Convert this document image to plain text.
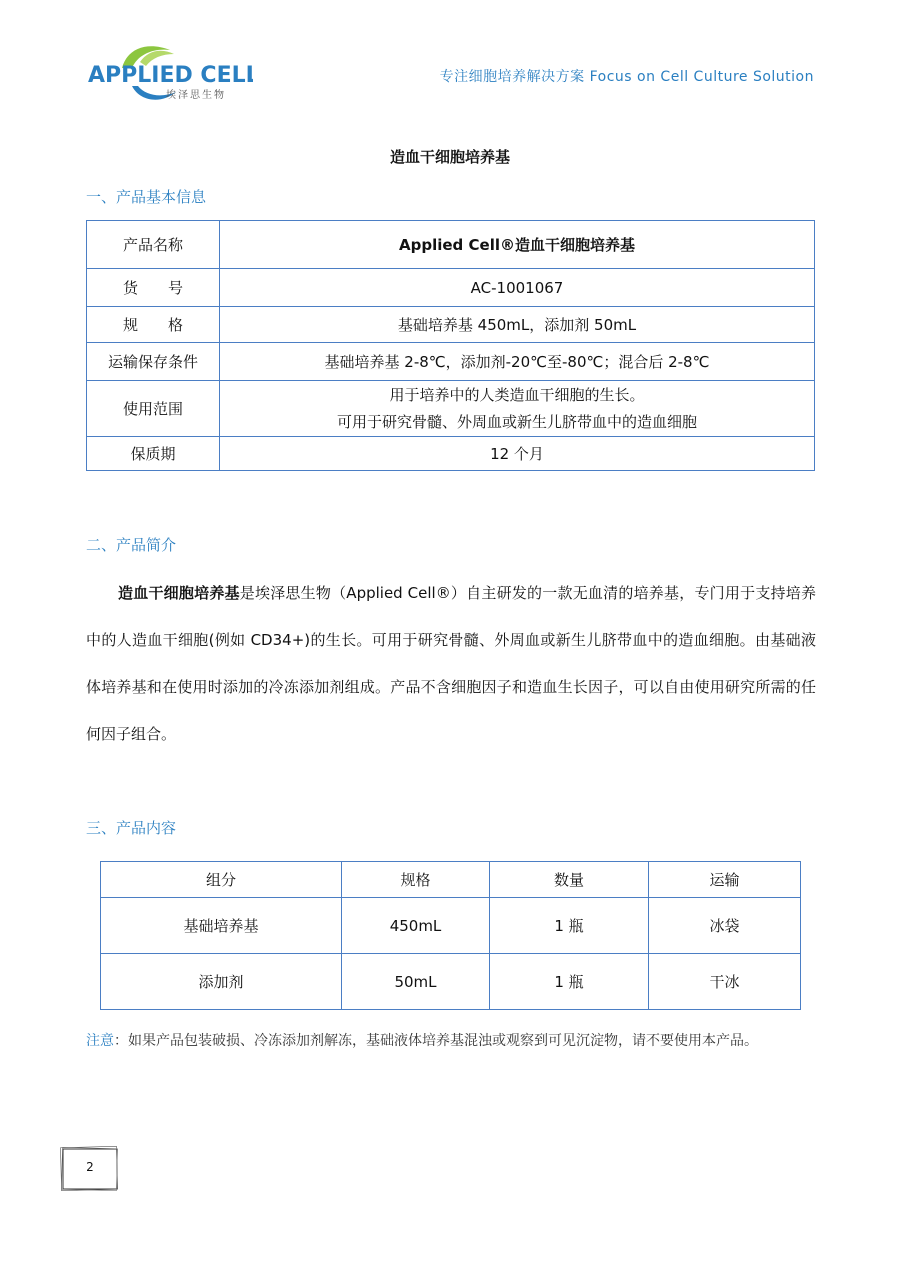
APPLIED CELL
埃泽思生物
专注细胞培养解决方案 Focus on Cell Culture Solution
造血干细胞培养基
一、产品基本信息
产品名称	Applied Cell®造血干细胞培养基
货　　号	AC-1001067
规　　格	基础培养基 450mL，添加剂 50mL
运输保存条件	基础培养基 2-8℃，添加剂-20℃至-80℃；混合后 2-8℃
使用范围	用于培养中的人类造血干细胞的生长。
可用于研究骨髓、外周血或新生儿脐带血中的造血细胞

保质期	12 个月
二、产品简介
造血干细胞培养基是埃泽思生物（Applied Cell®）自主研发的一款无血清的培养基，专门用于支持培养中的人造血干细胞(例如 CD34+)的生长。可用于研究骨髓、外周血或新生儿脐带血中的造血细胞。由基础液体培养基和在使用时添加的冷冻添加剂组成。产品不含细胞因子和造血生长因子，可以自由使用研究所需的任何因子组合。
三、产品内容
组分	规格	数量	运输
基础培养基	450mL	1 瓶	冰袋
添加剂	50mL	1 瓶	干冰
注意：如果产品包装破损、冷冻添加剂解冻，基础液体培养基混浊或观察到可见沉淀物，请不要使用本产品。
2
